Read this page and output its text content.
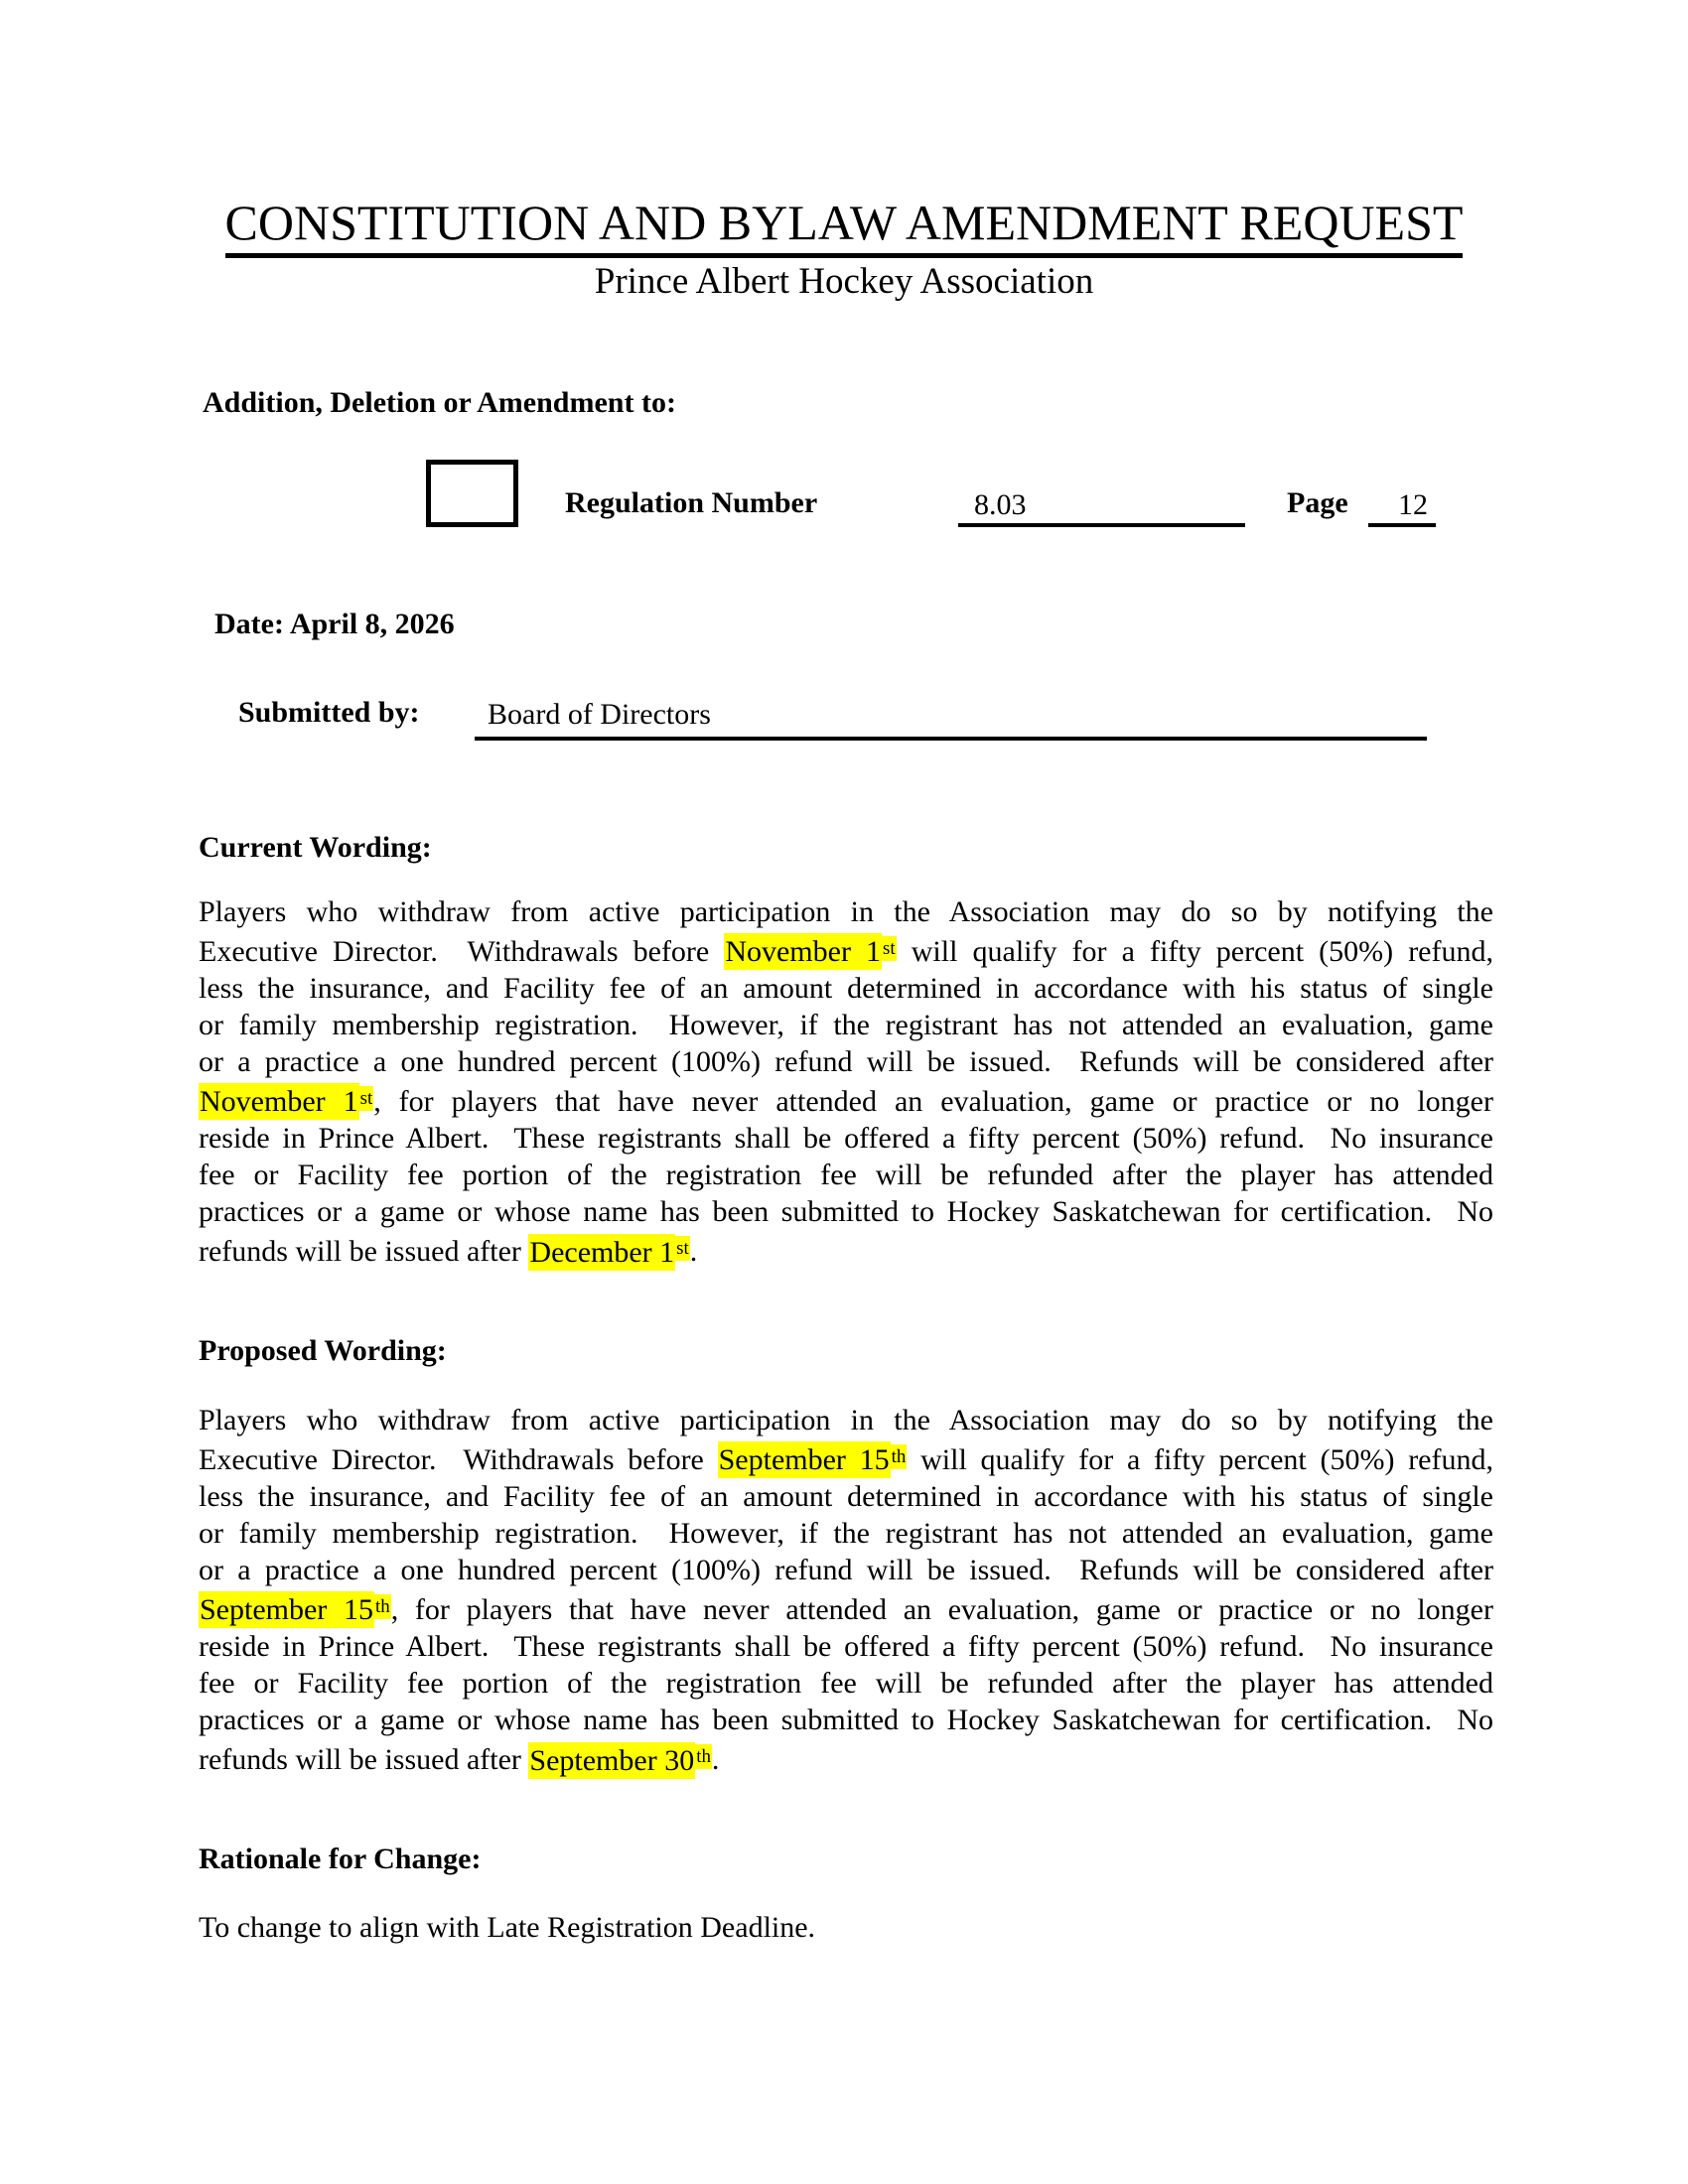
CONSTITUTION AND BYLAW AMENDMENT REQUEST
Prince Albert Hockey Association
Addition, Deletion or Amendment to:
Regulation Number	8.03	Page 12
Date: April 8, 2026
Submitted by: Board of Directors
Current Wording:
Players who withdraw from active participation in the Association may do so by notifying the
Executive Director.  Withdrawals before November 1 $^{st}$ will qualify for a fifty percent (50%) refund,
less the insurance, and Facility fee of an amount determined in accordance with his status of single
or family membership registration.  However, if the registrant has not attended an evaluation, game
or a practice a one hundred percent (100%) refund will be issued.  Refunds will be considered after
November 1 $^{st}$, for players that have never attended an evaluation, game or practice or no longer
reside in Prince Albert.  These registrants shall be offered a fifty percent (50%) refund.  No insurance
fee or Facility fee portion of the registration fee will be refunded after the player has attended
practices or a game or whose name has been submitted to Hockey Saskatchewan for certification.  No
refunds will be issued after December 1 $^{st}$.
Proposed Wording:
Players who withdraw from active participation in the Association may do so by notifying the
Executive Director.  Withdrawals before September 15 $^{th}$ will qualify for a fifty percent (50%) refund,
less the insurance, and Facility fee of an amount determined in accordance with his status of single
or family membership registration.  However, if the registrant has not attended an evaluation, game
or a practice a one hundred percent (100%) refund will be issued.  Refunds will be considered after
September 15 $^{th}$, for players that have never attended an evaluation, game or practice or no longer
reside in Prince Albert.  These registrants shall be offered a fifty percent (50%) refund.  No insurance
fee or Facility fee portion of the registration fee will be refunded after the player has attended
practices or a game or whose name has been submitted to Hockey Saskatchewan for certification.  No
refunds will be issued after September 30 $^{th}$.
Rationale for Change:
To change to align with Late Registration Deadline.
